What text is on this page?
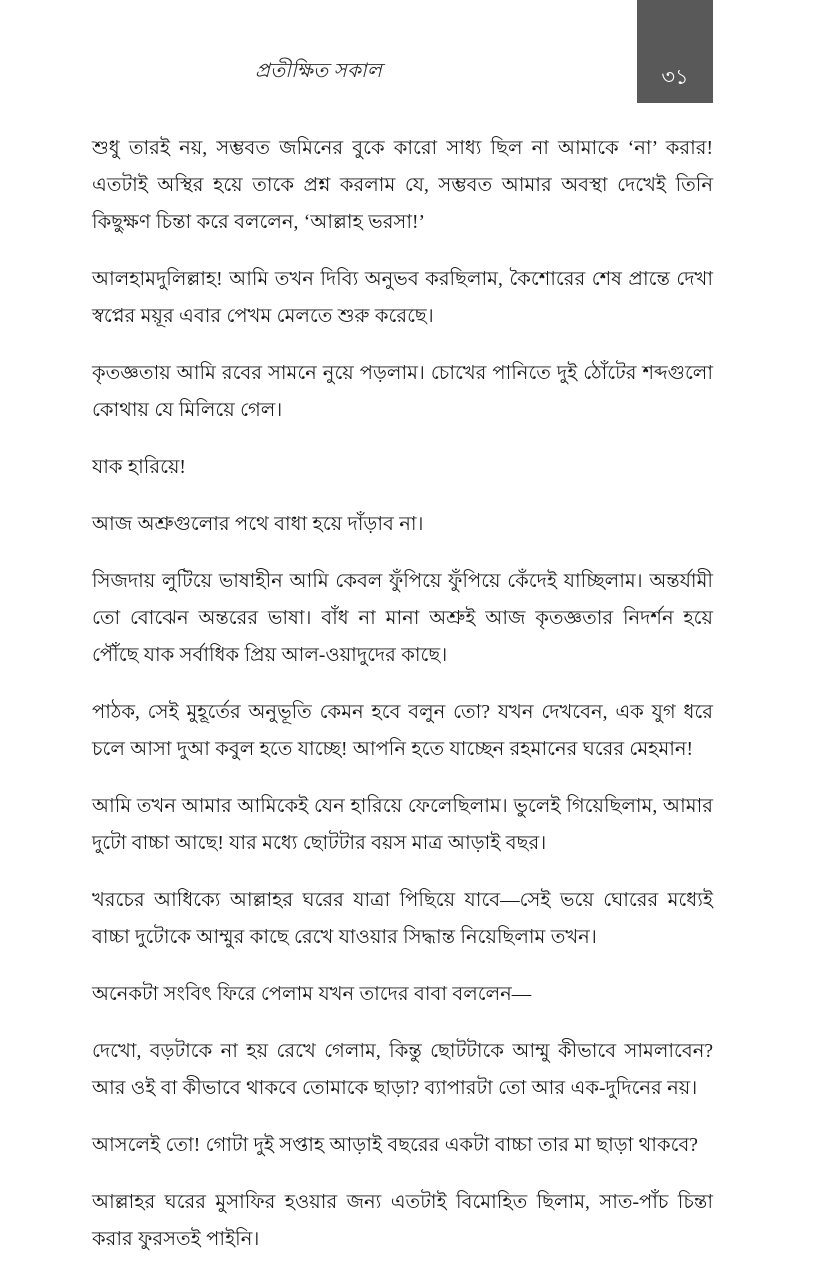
প্রতীক্ষিত সকাল	৩১

শুধু তারই নয়, সম্ভবত জমিনের বুকে কারো সাধ্য ছিল না আমাকে ‘না’ করার! এতটাই অস্থির হয়ে তাকে প্রশ্ন করলাম যে, সম্ভবত আমার অবস্থা দেখেই তিনি কিছুক্ষণ চিন্তা করে বললেন, ‘আল্লাহ ভরসা!’

আলহামদুলিল্লাহ! আমি তখন দিব্যি অনুভব করছিলাম, কৈশোরের শেষ প্রান্তে দেখা স্বপ্নের ময়ূর এবার পেখম মেলতে শুরু করেছে।

কৃতজ্ঞতায় আমি রবের সামনে নুয়ে পড়লাম। চোখের পানিতে দুই ঠোঁটের শব্দগুলো কোথায় যে মিলিয়ে গেল।

যাক হারিয়ে!

আজ অশ্রুগুলোর পথে বাধা হয়ে দাঁড়াব না।

সিজদায় লুটিয়ে ভাষাহীন আমি কেবল ফুঁপিয়ে ফুঁপিয়ে কেঁদেই যাচ্ছিলাম। অন্তর্যামী তো বোঝেন অন্তরের ভাষা। বাঁধ না মানা অশ্রুই আজ কৃতজ্ঞতার নিদর্শন হয়ে পৌঁছে যাক সর্বাধিক প্রিয় আল-ওয়াদুদের কাছে।

পাঠক, সেই মুহূর্তের অনুভূতি কেমন হবে বলুন তো? যখন দেখবেন, এক যুগ ধরে চলে আসা দুআ কবুল হতে যাচ্ছে! আপনি হতে যাচ্ছেন রহমানের ঘরের মেহমান!

আমি তখন আমার আমিকেই যেন হারিয়ে ফেলেছিলাম। ভুলেই গিয়েছিলাম, আমার দুটো বাচ্চা আছে! যার মধ্যে ছোটটার বয়স মাত্র আড়াই বছর।

খরচের আধিক্যে আল্লাহর ঘরের যাত্রা পিছিয়ে যাবে—সেই ভয়ে ঘোরের মধ্যেই বাচ্চা দুটোকে আম্মুর কাছে রেখে যাওয়ার সিদ্ধান্ত নিয়েছিলাম তখন।

অনেকটা সংবিৎ ফিরে পেলাম যখন তাদের বাবা বললেন—

দেখো, বড়টাকে না হয় রেখে গেলাম, কিন্তু ছোটটাকে আম্মু কীভাবে সামলাবেন? আর ওই বা কীভাবে থাকবে তোমাকে ছাড়া? ব্যাপারটা তো আর এক-দুদিনের নয়।

আসলেই তো! গোটা দুই সপ্তাহ আড়াই বছরের একটা বাচ্চা তার মা ছাড়া থাকবে?

আল্লাহর ঘরের মুসাফির হওয়ার জন্য এতটাই বিমোহিত ছিলাম, সাত-পাঁচ চিন্তা করার ফুরসতই পাইনি।
